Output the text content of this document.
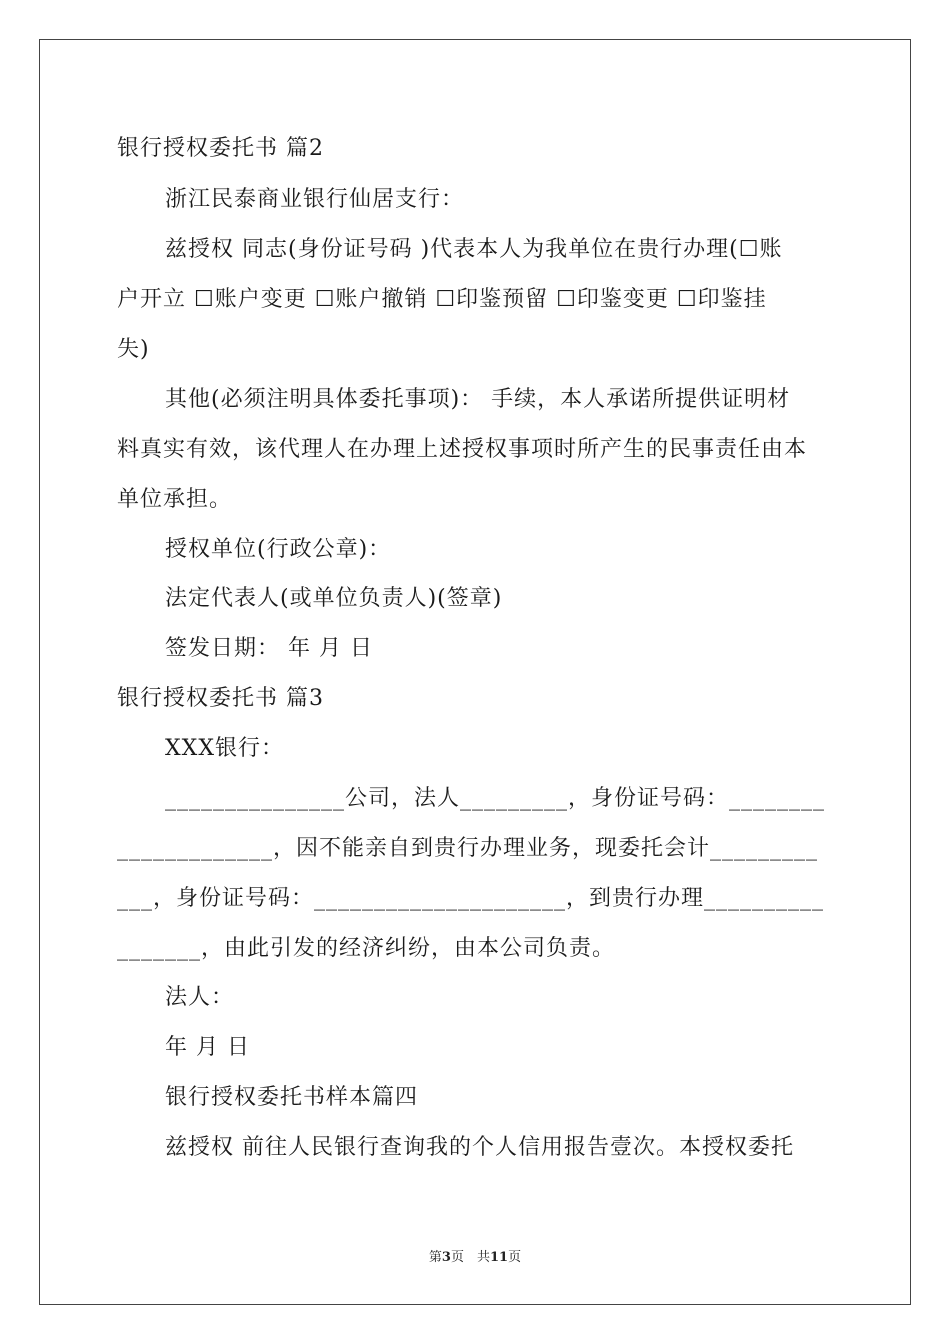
银行授权委托书 篇2
浙江民泰商业银行仙居支行：
兹授权 同志(身份证号码 )代表本人为我单位在贵行办理(☐账
户开立 ☐账户变更 ☐账户撤销 ☐印鉴预留 ☐印鉴变更 ☐印鉴挂
失)
其他(必须注明具体委托事项)： 手续，本人承诺所提供证明材
料真实有效，该代理人在办理上述授权事项时所产生的民事责任由本
单位承担。
授权单位(行政公章)：
法定代表人(或单位负责人)(签章)
签发日期： 年 月 日
银行授权委托书 篇3
XXX银行：
_______________公司，法人_________，身份证号码：________
_____________，因不能亲自到贵行办理业务，现委托会计_________
___，身份证号码：_____________________，到贵行办理__________
_______，由此引发的经济纠纷，由本公司负责。
法人：
年 月 日
银行授权委托书样本篇四
兹授权 前往人民银行查询我的个人信用报告壹次。本授权委托
第3页　共11页
